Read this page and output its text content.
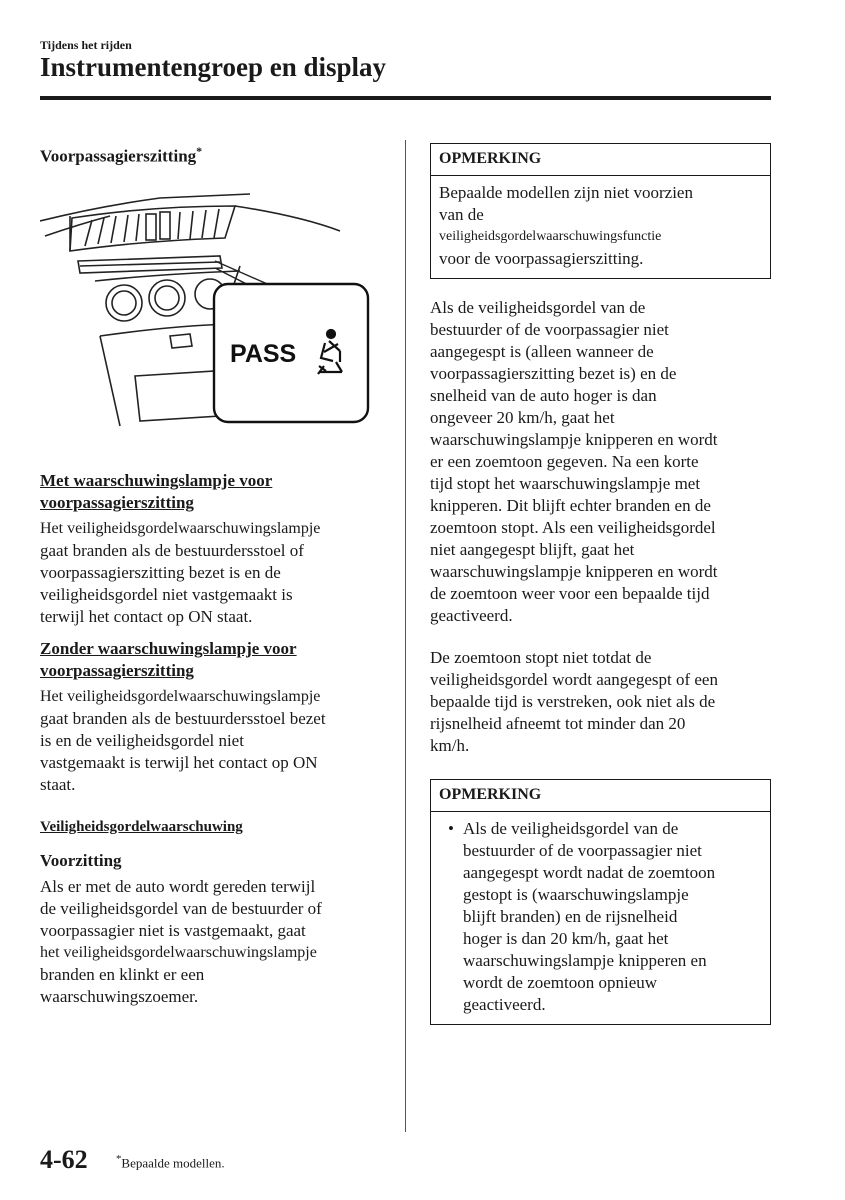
Tijdens het rijden
Instrumentengroep en display

Voorpassagierszitting*

PASS

Met waarschuwingslampje voor

voorpassagierszitting

Het veiligheidsgordelwaarschuwingslampje

gaat branden als de bestuurdersstoel of

voorpassagierszitting bezet is en de

veiligheidsgordel niet vastgemaakt is

terwijl het contact op ON staat.

Zonder waarschuwingslampje voor

voorpassagierszitting

Het veiligheidsgordelwaarschuwingslampje

gaat branden als de bestuurdersstoel bezet

is en de veiligheidsgordel niet

vastgemaakt is terwijl het contact op ON

staat.

Veiligheidsgordelwaarschuwing

Voorzitting

Als er met de auto wordt gereden terwijl

de veiligheidsgordel van de bestuurder of

voorpassagier niet is vastgemaakt, gaat

het veiligheidsgordelwaarschuwingslampje

branden en klinkt er een

waarschuwingszoemer.

OPMERKING
Bepaalde modellen zijn niet voorzien
van de
veiligheidsgordelwaarschuwingsfunctie
voor de voorpassagierszitting.

Als de veiligheidsgordel van de

bestuurder of de voorpassagier niet

aangegespt is (alleen wanneer de

voorpassagierszitting bezet is) en de

snelheid van de auto hoger is dan

ongeveer 20 km/h, gaat het

waarschuwingslampje knipperen en wordt

er een zoemtoon gegeven. Na een korte

tijd stopt het waarschuwingslampje met

knipperen. Dit blijft echter branden en de

zoemtoon stopt. Als een veiligheidsgordel

niet aangegespt blijft, gaat het

waarschuwingslampje knipperen en wordt

de zoemtoon weer voor een bepaalde tijd

geactiveerd.

De zoemtoon stopt niet totdat de

veiligheidsgordel wordt aangegespt of een

bepaalde tijd is verstreken, ook niet als de

rijsnelheid afneemt tot minder dan 20

km/h.

OPMERKING
• Als de veiligheidsgordel van de
bestuurder of de voorpassagier niet
aangegespt wordt nadat de zoemtoon
gestopt is (waarschuwingslampje
blijft branden) en de rijsnelheid
hoger is dan 20 km/h, gaat het
waarschuwingslampje knipperen en
wordt de zoemtoon opnieuw
geactiveerd.
4-62	*Bepaalde modellen.
